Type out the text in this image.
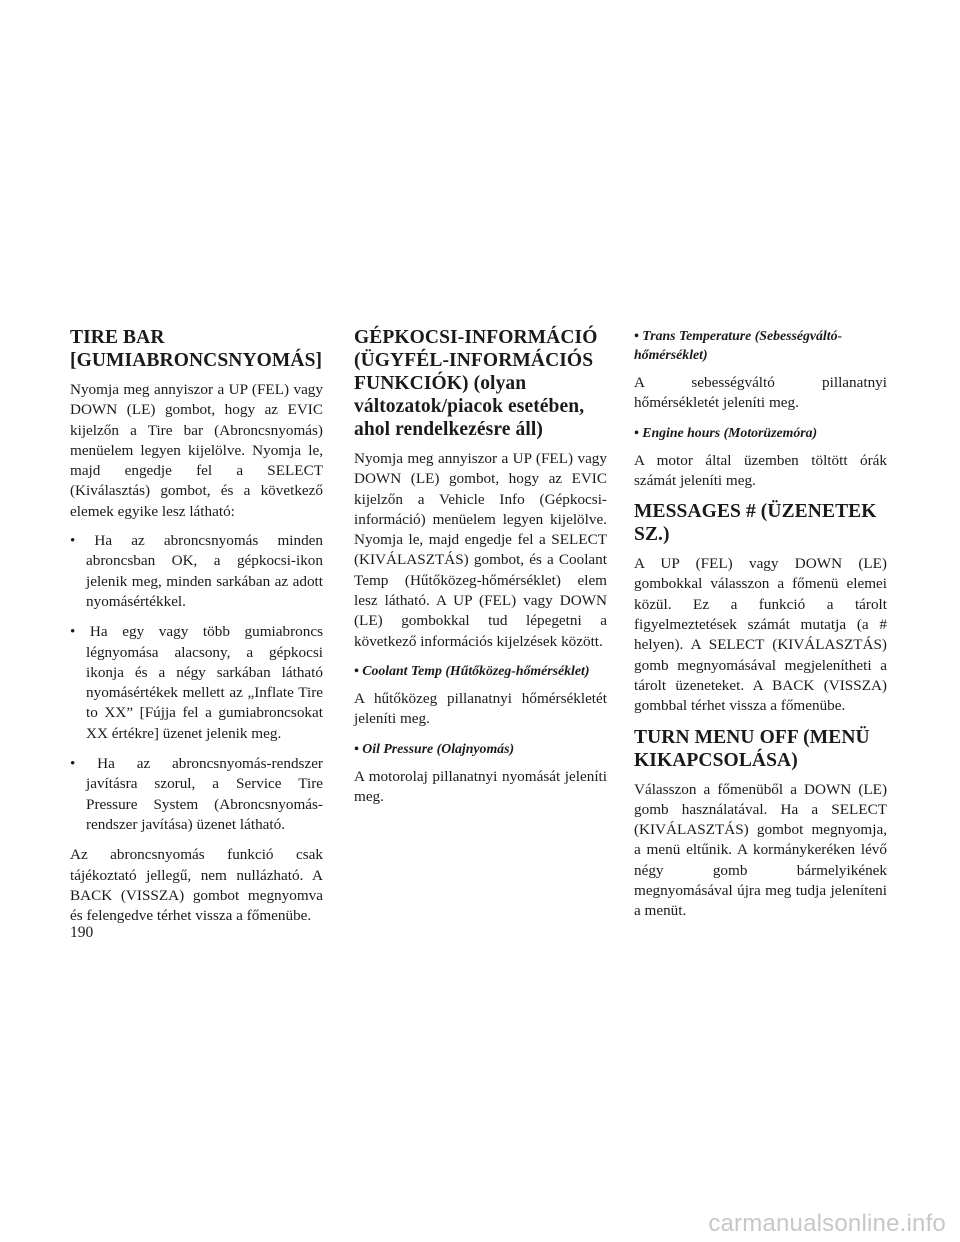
TIRE BAR [GUMIABRONCSNYOMÁS]

Nyomja meg annyiszor a UP (FEL) vagy DOWN (LE) gombot, hogy az EVIC kijelzőn a Tire bar (Abroncsnyomás) menüelem legyen kijelölve. Nyomja le, majd engedje fel a SELECT (Kiválasztás) gombot, és a következő elemek egyike lesz látható:

• Ha az abroncsnyomás minden abroncsban OK, a gépkocsi-ikon jelenik meg, minden sarkában az adott nyomásértékkel.
• Ha egy vagy több gumiabroncs légnyomása alacsony, a gépkocsi ikonja és a négy sarkában látható nyomásértékek mellett az „Inflate Tire to XX” [Fújja fel a gumiabroncsokat XX értékre] üzenet jelenik meg.
• Ha az abroncsnyomás-rendszer javításra szorul, a Service Tire Pressure System (Abroncsnyomás-rendszer javítása) üzenet látható.

Az abroncsnyomás funkció csak tájékoztató jellegű, nem nullázható. A BACK (VISSZA) gombot megnyomva és felengedve térhet vissza a főmenübe.

GÉPKOCSI-INFORMÁCIÓ (ÜGYFÉL-INFORMÁCIÓS FUNKCIÓK) (olyan változatok/piacok esetében, ahol rendelkezésre áll)

Nyomja meg annyiszor a UP (FEL) vagy DOWN (LE) gombot, hogy az EVIC kijelzőn a Vehicle Info (Gépkocsi-információ) menüelem legyen kijelölve. Nyomja le, majd engedje fel a SELECT (KIVÁLASZTÁS) gombot, és a Coolant Temp (Hűtőközeg-hőmérséklet) elem lesz látható. A UP (FEL) vagy DOWN (LE) gombokkal tud lépegetni a következő információs kijelzések között.

• Coolant Temp (Hűtőközeg-hőmérséklet)

A hűtőközeg pillanatnyi hőmérsékletét jeleníti meg.

• Oil Pressure (Olajnyomás)

A motorolaj pillanatnyi nyomását jeleníti meg.

• Trans Temperature (Sebességváltó-hőmérséklet)

A sebességváltó pillanatnyi hőmérsékletét jeleníti meg.

• Engine hours (Motorüzemóra)

A motor által üzemben töltött órák számát jeleníti meg.

MESSAGES # (ÜZENETEK SZ.)

A UP (FEL) vagy DOWN (LE) gombokkal válasszon a főmenü elemei közül. Ez a funkció a tárolt figyelmeztetések számát mutatja (a # helyen). A SELECT (KIVÁLASZTÁS) gomb megnyomásával megjelenítheti a tárolt üzeneteket. A BACK (VISSZA) gombbal térhet vissza a főmenübe.

TURN MENU OFF (MENÜ KIKAPCSOLÁSA)

Válasszon a főmenüből a DOWN (LE) gomb használatával. Ha a SELECT (KIVÁLASZTÁS) gombot megnyomja, a menü eltűnik. A kormánykeréken lévő négy gomb bármelyikének megnyomásával újra meg tudja jeleníteni a menüt.

190
carmanualsonline.info
